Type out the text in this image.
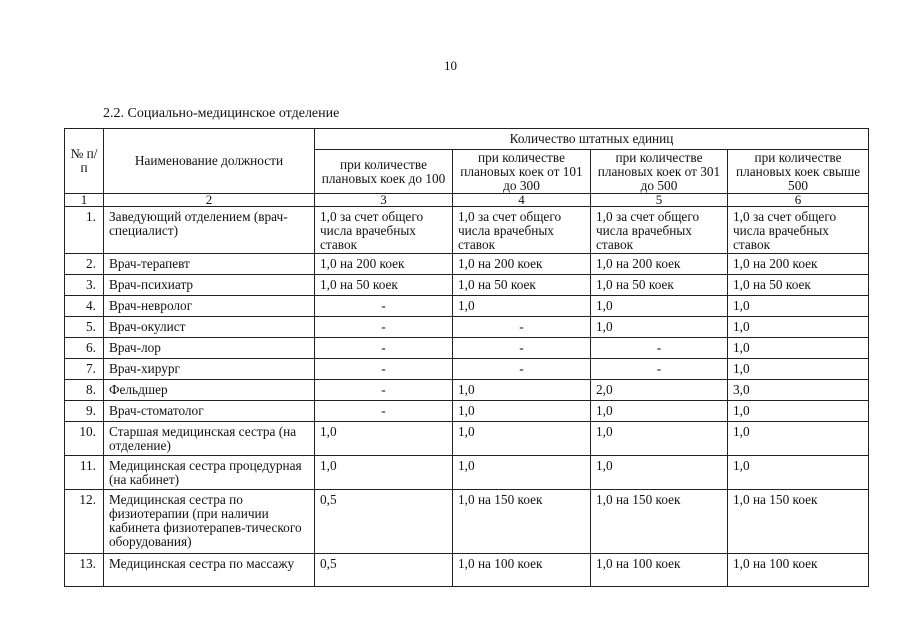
10
2.2. Социально-медицинское отделение
№ п/п	Наименование должности	Количество штатных единиц			
		при количестве плановых коек до 100	при количестве плановых коек от 101 до 300	при количестве плановых коек от 301 до 500	при количестве плановых коек свыше 500
1	2	3	4	5	6
1.	Заведующий отделением (врач-специалист)	1,0 за счет общего числа врачебных ставок	1,0 за счет общего числа врачебных ставок	1,0 за счет общего числа врачебных ставок	1,0 за счет общего числа врачебных ставок
2.	Врач-терапевт	1,0 на 200 коек	1,0 на 200 коек	1,0 на 200 коек	1,0 на 200 коек
3.	Врач-психиатр	1,0 на 50 коек	1,0 на 50 коек	1,0 на 50 коек	1,0 на 50 коек
4.	Врач-невролог	-	1,0	1,0	1,0
5.	Врач-окулист	-	-	1,0	1,0
6.	Врач-лор	-	-	-	1,0
7.	Врач-хирург	-	-	-	1,0
8.	Фельдшер	-	1,0	2,0	3,0
9.	Врач-стоматолог	-	1,0	1,0	1,0
10.	Старшая медицинская сестра (на отделение)	1,0	1,0	1,0	1,0
11.	Медицинская сестра процедурная (на кабинет)	1,0	1,0	1,0	1,0
12.	Медицинская сестра по физиотерапии (при наличии кабинета физиотерапев-тического оборудования)	0,5	1,0 на 150 коек	1,0 на 150 коек	1,0 на 150 коек
13.	Медицинская сестра по массажу	0,5	1,0 на 100 коек	1,0 на 100 коек	1,0 на 100 коек
